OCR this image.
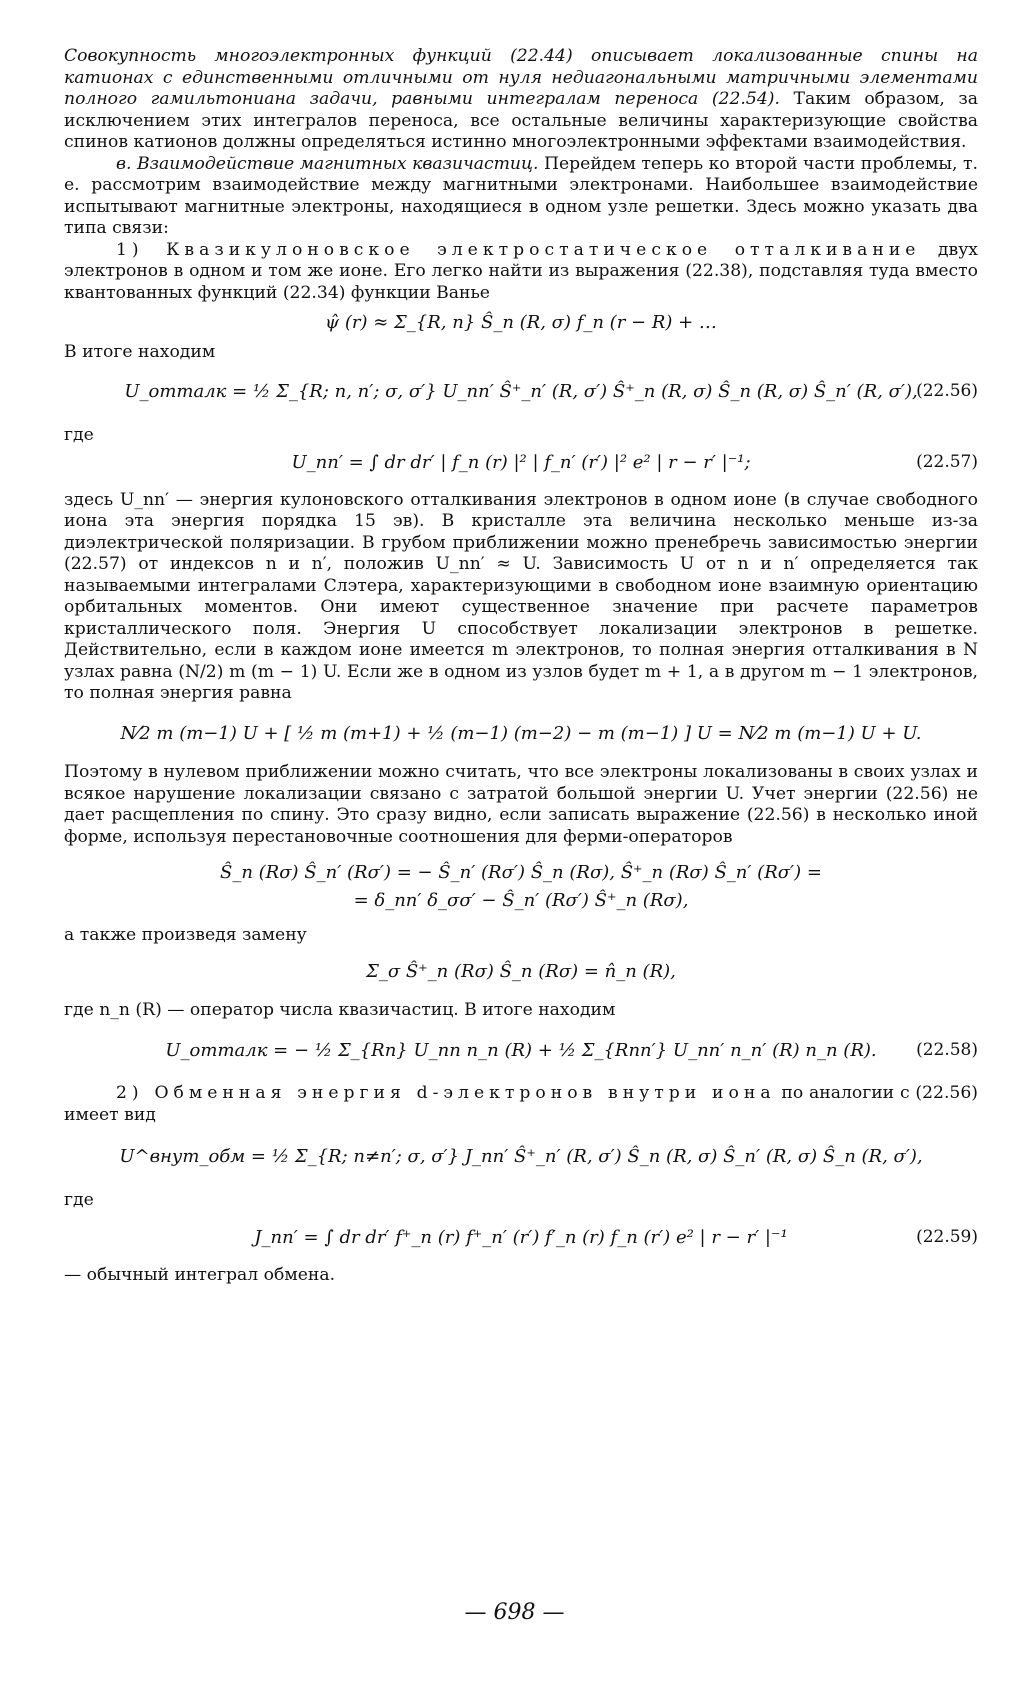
Совокупность многоэлектронных функций (22.44) описывает локализованные спины на катионах с единственными отличными от нуля недиагональными матричными элементами полного гамильтониана задачи, равными интегралам переноса (22.54). Таким образом, за исключением этих интегралов переноса, все остальные величины характеризующие свойства спинов катионов должны определяться истинно многоэлектронными эффектами взаимодействия.

в. Взаимодействие магнитных квазичастиц. Перейдем теперь ко второй части проблемы, т. е. рассмотрим взаимодействие между магнитными электронами. Наибольшее взаимодействие испытывают магнитные электроны, находящиеся в одном узле решетки. Здесь можно указать два типа связи:

1) Квазикулоновское электростатическое отталкивание двух электронов в одном и том же ионе. Его легко найти из выражения (22.38), подставляя туда вместо квантованных функций (22.34) функции Ванье

ψ̂ (r) ≈ Σ_{R, n} Ŝ_n (R, σ) f_n (r − R) + …

В итоге находим

U_отталк = ½ Σ_{R; n, n′; σ, σ′} U_nn′ Ŝ⁺_n′ (R, σ′) Ŝ⁺_n (R, σ) Ŝ_n (R, σ) Ŝ_n′ (R, σ′),
(22.56)

где

U_nn′ = ∫ dr dr′ | f_n (r) |² | f_n′ (r′) |² e² | r − r′ |⁻¹;	(22.57)

здесь U_nn′ — энергия кулоновского отталкивания электронов в одном ионе (в случае свободного иона эта энергия порядка 15 эв). В кристалле эта величина несколько меньше из-за диэлектрической поляризации. В грубом приближении можно пренебречь зависимостью энергии (22.57) от индексов n и n′, положив U_nn′ ≈ U. Зависимость U от n и n′ определяется так называемыми интегралами Слэтера, характеризующими в свободном ионе взаимную ориентацию орбитальных моментов. Они имеют существенное значение при расчете параметров кристаллического поля. Энергия U способствует локализации электронов в решетке. Действительно, если в каждом ионе имеется m электронов, то полная энергия отталкивания в N узлах равна (N/2) m (m − 1) U. Если же в одном из узлов будет m + 1, а в другом m − 1 электронов, то полная энергия равна

N⁄2 m (m−1) U + [ ½ m (m+1) + ½ (m−1) (m−2) − m (m−1) ] U = N⁄2 m (m−1) U + U.

Поэтому в нулевом приближении можно считать, что все электроны локализованы в своих узлах и всякое нарушение локализации связано с затратой большой энергии U. Учет энергии (22.56) не дает расщепления по спину. Это сразу видно, если записать выражение (22.56) в несколько иной форме, используя перестановочные соотношения для ферми-операторов

Ŝ_n (Rσ) Ŝ_n′ (Rσ′) = − Ŝ_n′ (Rσ′) Ŝ_n (Rσ), Ŝ⁺_n (Rσ) Ŝ_n′ (Rσ′) =
= δ_nn′ δ_σσ′ − Ŝ_n′ (Rσ′) Ŝ⁺_n (Rσ),

а также произведя замену

Σ_σ Ŝ⁺_n (Rσ) Ŝ_n (Rσ) = n̂_n (R),

где n_n (R) — оператор числа квазичастиц. В итоге находим

U_отталк = − ½ Σ_{Rn} U_nn n_n (R) + ½ Σ_{Rnn′} U_nn′ n_n′ (R) n_n (R). (22.58)

2) Обменная энергия d-электронов внутри иона по аналогии с (22.56) имеет вид

U^внут_обм = ½ Σ_{R; n≠n′; σ, σ′} J_nn′ Ŝ⁺_n′ (R, σ′) Ŝ_n (R, σ) Ŝ_n′ (R, σ) Ŝ_n (R, σ′),

где

J_nn′ = ∫ dr dr′ f⁺_n (r) f⁺_n′ (r′) f′_n (r) f_n (r′) e² | r − r′ |⁻¹	(22.59)

— обычный интеграл обмена.

— 698 —
